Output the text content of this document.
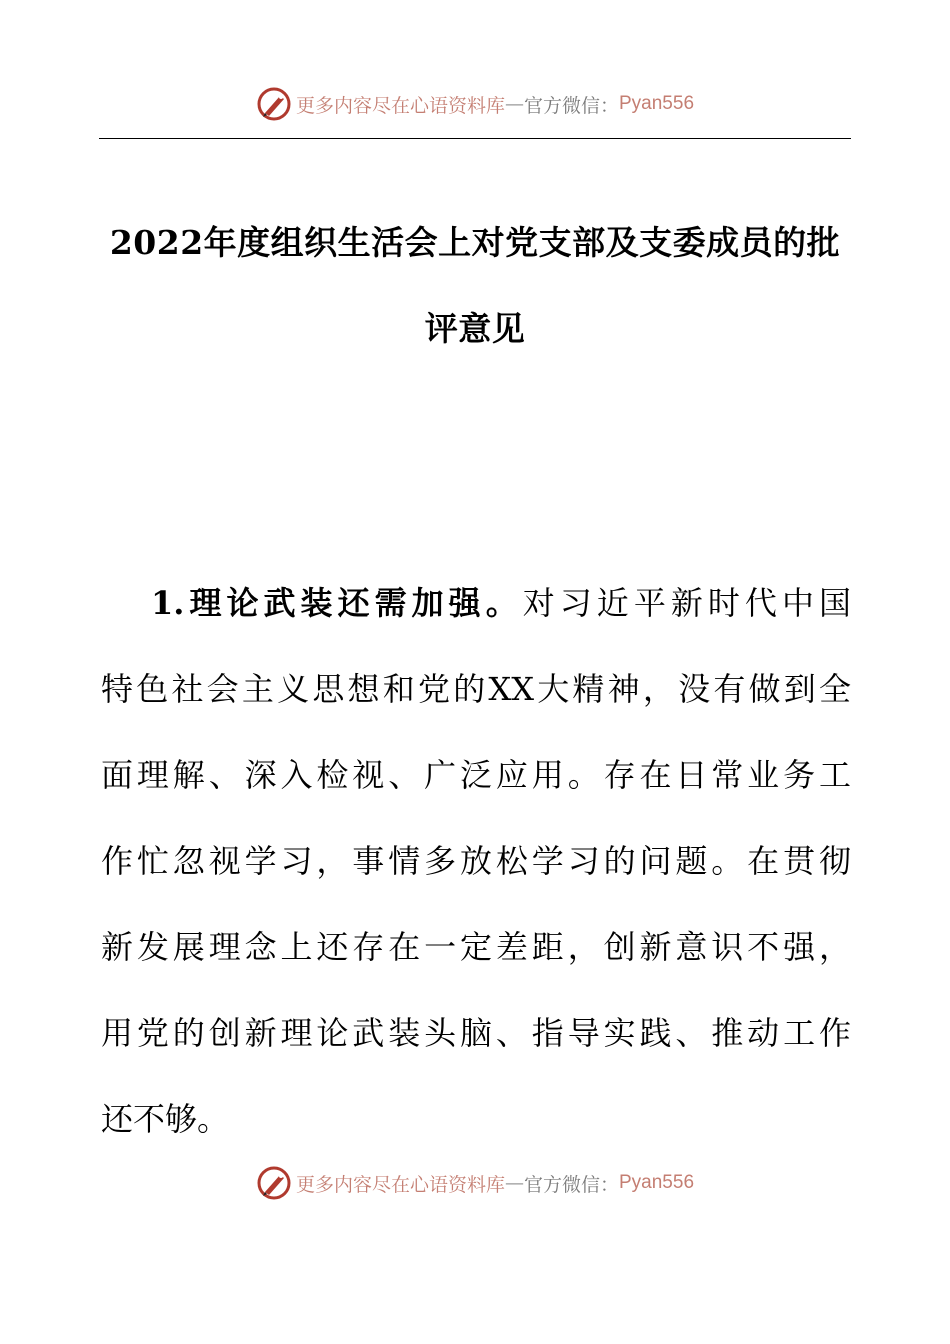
更多内容尽在心语资料库 — 官方微信： Pyan556
2022年度组织生活会上对党支部及支委成员的批
评意见
1.理论武装还需加强。对习近平新时代中国
特色社会主义思想和党的XX大精神，没有做到全
面理解、深入检视、广泛应用。存在日常业务工
作忙忽视学习，事情多放松学习的问题。在贯彻
新发展理念上还存在一定差距，创新意识不强，
用党的创新理论武装头脑、指导实践、推动工作
还不够。
更多内容尽在心语资料库 — 官方微信： Pyan556
